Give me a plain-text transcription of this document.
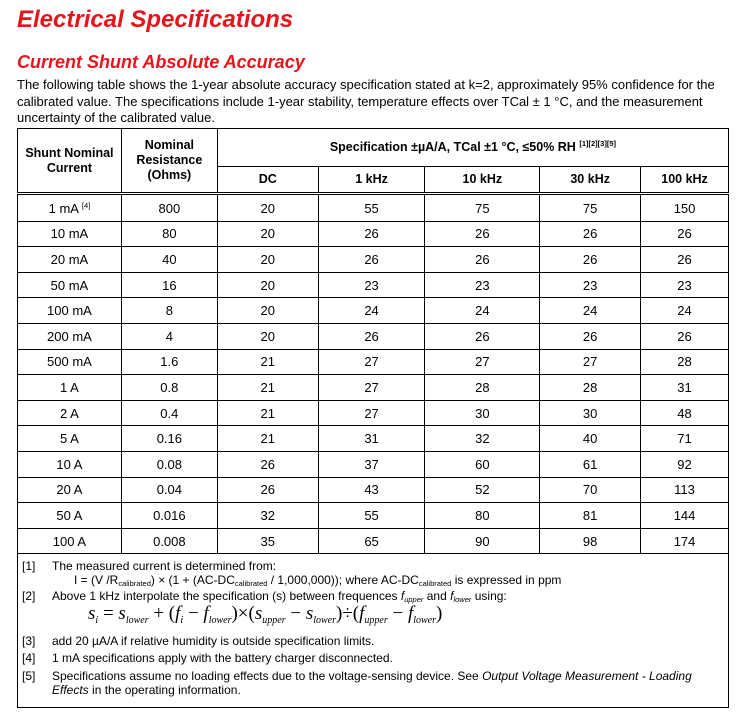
Electrical Specifications
Current Shunt Absolute Accuracy
The following table shows the 1-year absolute accuracy specification stated at k=2, approximately 95% confidence for the calibrated value. The specifications include 1-year stability, temperature effects over TCal ± 1 °C, and the measurement uncertainty of the calibrated value.
Shunt Nominal Current	Nominal Resistance (Ohms)	Specification ±µA/A, TCal ±1 °C, ≤50% RH [1][2][3][5]
		DC	1 kHz	10 kHz	30 kHz	100 kHz
1 mA [4]	800	20	55	75	75	150
10 mA	80	20	26	26	26	26
20 mA	40	20	26	26	26	26
50 mA	16	20	23	23	23	23
100 mA	8	20	24	24	24	24
200 mA	4	20	26	26	26	26
500 mA	1.6	21	27	27	27	28
1 A	0.8	21	27	28	28	31
2 A	0.4	21	27	30	30	48
5 A	0.16	21	31	32	40	71
10 A	0.08	26	37	60	61	92
20 A	0.04	26	43	52	70	113
50 A	0.016	32	55	80	81	144
100 A	0.008	35	65	90	98	174
[1] The measured current is determined from:
I = (V $/R_{calibrated}) \times (1 + (AC-DC_{calibrated} / 1,000,000))$; where $AC-DC_{calibrated}$ is expressed in ppm
[2] Above 1 kHz interpolate the specification (s) between frequences $f_{upper}$ and $f_{lower}$ using:
$s_i = s_{lower} + (f_i - f_{lower})\times(s_{upper} - s_{lower})\div(f_{upper} - f_{lower})$
[3] add 20 µA/A if relative humidity is outside specification limits.
[4] 1 mA specifications apply with the battery charger disconnected.
[5] Specifications assume no loading effects due to the voltage-sensing device. See Output Voltage Measurement - Loading
Effects in the operating information.
